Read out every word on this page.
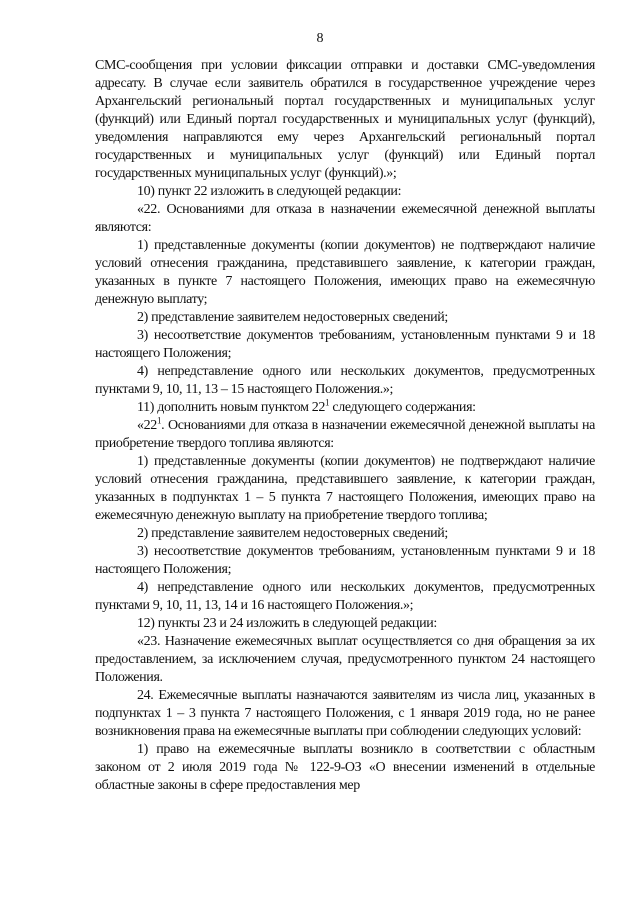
8

СМС-сообщения при условии фиксации отправки и доставки СМС-уведомления адресату. В случае если заявитель обратился в государственное учреждение через Архангельский региональный портал государственных и муниципальных услуг (функций) или Единый портал государственных и муниципальных услуг (функций), уведомления направляются ему через Архангельский региональный портал государственных и муниципальных услуг (функций) или Единый портал государственных муниципальных услуг (функций).»;

10) пункт 22 изложить в следующей редакции:

«22. Основаниями для отказа в назначении ежемесячной денежной выплаты являются:

1) представленные документы (копии документов) не подтверждают наличие условий отнесения гражданина, представившего заявление, к категории граждан, указанных в пункте 7 настоящего Положения, имеющих право на ежемесячную денежную выплату;

2) представление заявителем недостоверных сведений;

3) несоответствие документов требованиям, установленным пунктами 9 и 18 настоящего Положения;

4) непредставление одного или нескольких документов, предусмотренных пунктами 9, 10, 11, 13 – 15 настоящего Положения.»;

11) дополнить новым пунктом $22^1$ следующего содержания:

«$22^1$. Основаниями для отказа в назначении ежемесячной денежной выплаты на приобретение твердого топлива являются:

1) представленные документы (копии документов) не подтверждают наличие условий отнесения гражданина, представившего заявление, к категории граждан, указанных в подпунктах 1 – 5 пункта 7 настоящего Положения, имеющих право на ежемесячную денежную выплату на приобретение твердого топлива;

2) представление заявителем недостоверных сведений;

3) несоответствие документов требованиям, установленным пунктами 9 и 18 настоящего Положения;

4) непредставление одного или нескольких документов, предусмотренных пунктами 9, 10, 11, 13, 14 и 16 настоящего Положения.»;

12) пункты 23 и 24 изложить в следующей редакции:

«23. Назначение ежемесячных выплат осуществляется со дня обращения за их предоставлением, за исключением случая, предусмотренного пунктом 24 настоящего Положения.

24. Ежемесячные выплаты назначаются заявителям из числа лиц, указанных в подпунктах 1 – 3 пункта 7 настоящего Положения, с 1 января 2019 года, но не ранее возникновения права на ежемесячные выплаты при соблюдении следующих условий:

1) право на ежемесячные выплаты возникло в соответствии с областным законом от 2 июля 2019 года № 122-9-ОЗ «О внесении изменений в отдельные областные законы в сфере предоставления мер
